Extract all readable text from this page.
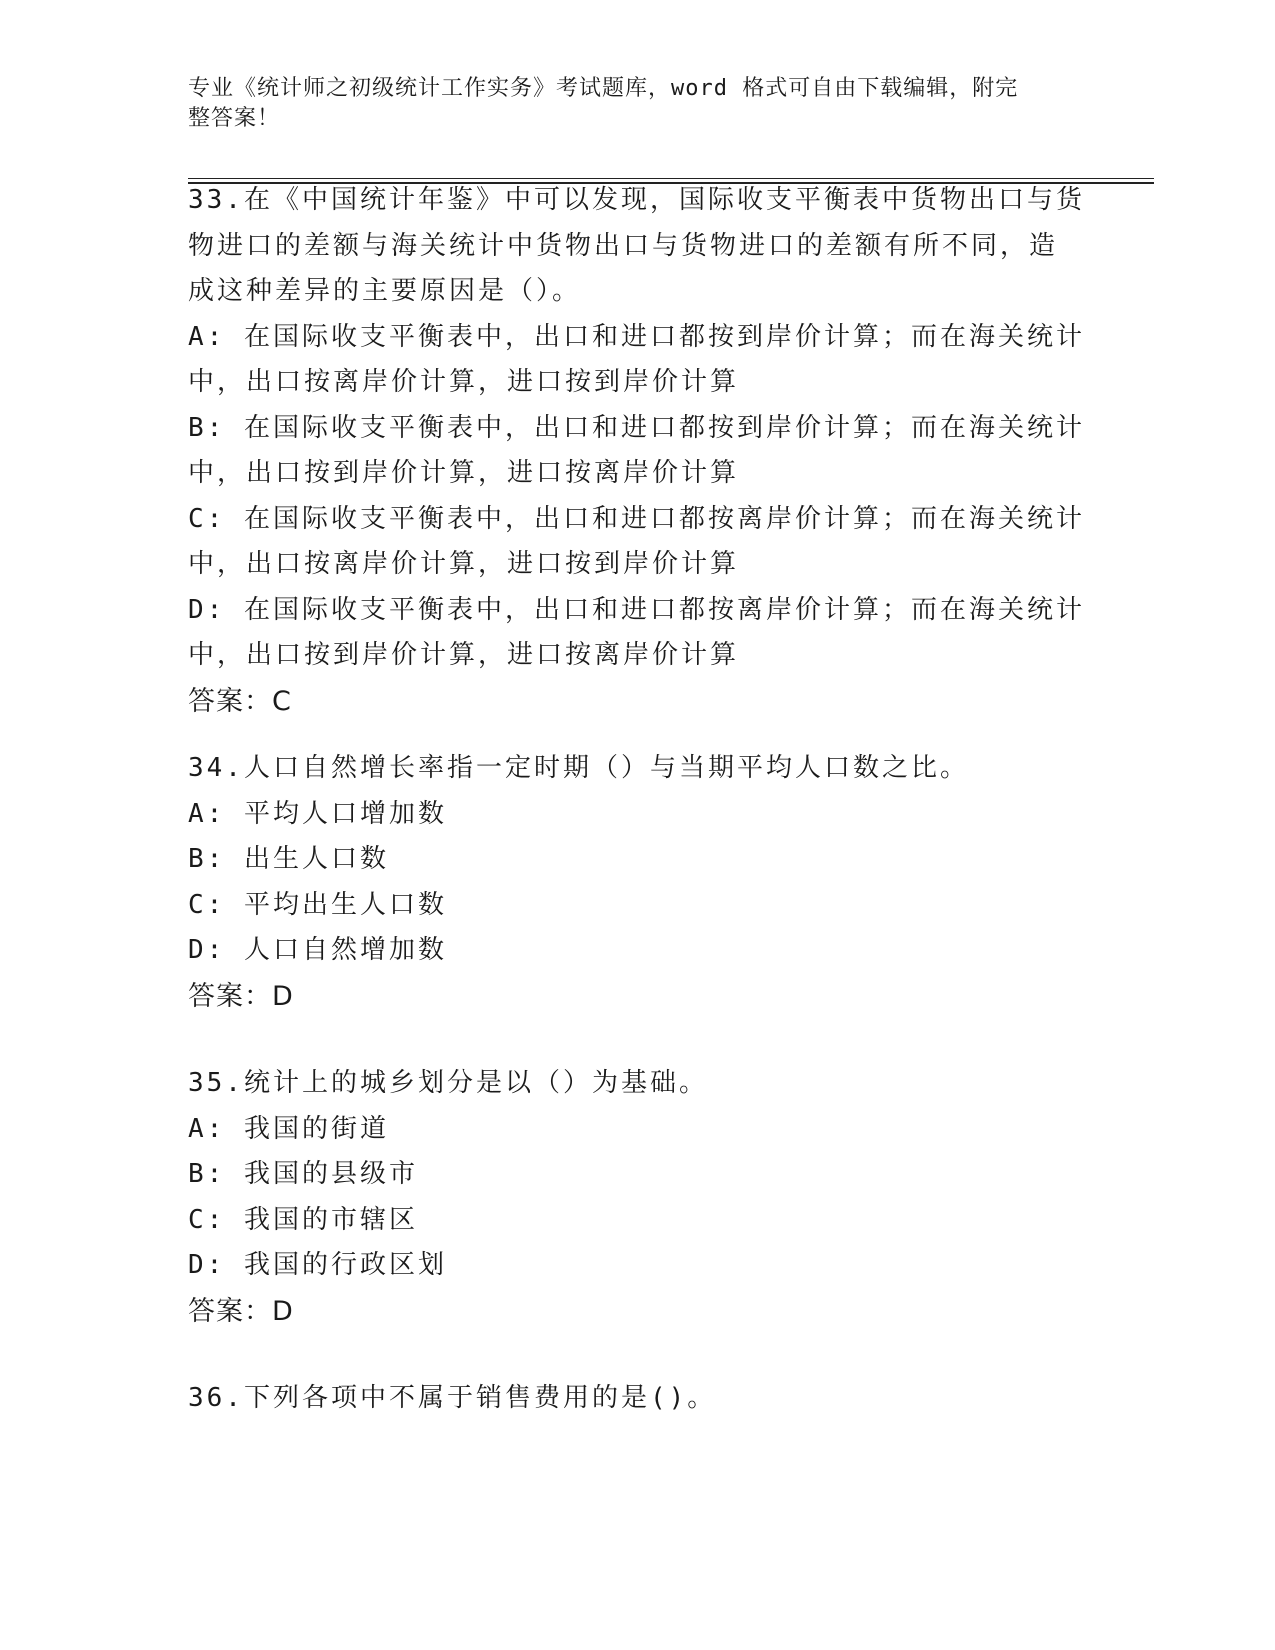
专业《统计师之初级统计工作实务》考试题库，word 格式可自由下载编辑，附完
整答案！
33.在《中国统计年鉴》中可以发现，国际收支平衡表中货物出口与货
物进口的差额与海关统计中货物出口与货物进口的差额有所不同，造
成这种差异的主要原因是（）。
A: 在国际收支平衡表中，出口和进口都按到岸价计算；而在海关统计
中，出口按离岸价计算，进口按到岸价计算
B: 在国际收支平衡表中，出口和进口都按到岸价计算；而在海关统计
中，出口按到岸价计算，进口按离岸价计算
C: 在国际收支平衡表中，出口和进口都按离岸价计算；而在海关统计
中，出口按离岸价计算，进口按到岸价计算
D: 在国际收支平衡表中，出口和进口都按离岸价计算；而在海关统计
中，出口按到岸价计算，进口按离岸价计算
答案：C
34.人口自然增长率指一定时期（）与当期平均人口数之比。
A: 平均人口增加数
B: 出生人口数
C: 平均出生人口数
D: 人口自然增加数
答案：D
35.统计上的城乡划分是以（）为基础。
A: 我国的街道
B: 我国的县级市
C: 我国的市辖区
D: 我国的行政区划
答案：D
36.下列各项中不属于销售费用的是()。
